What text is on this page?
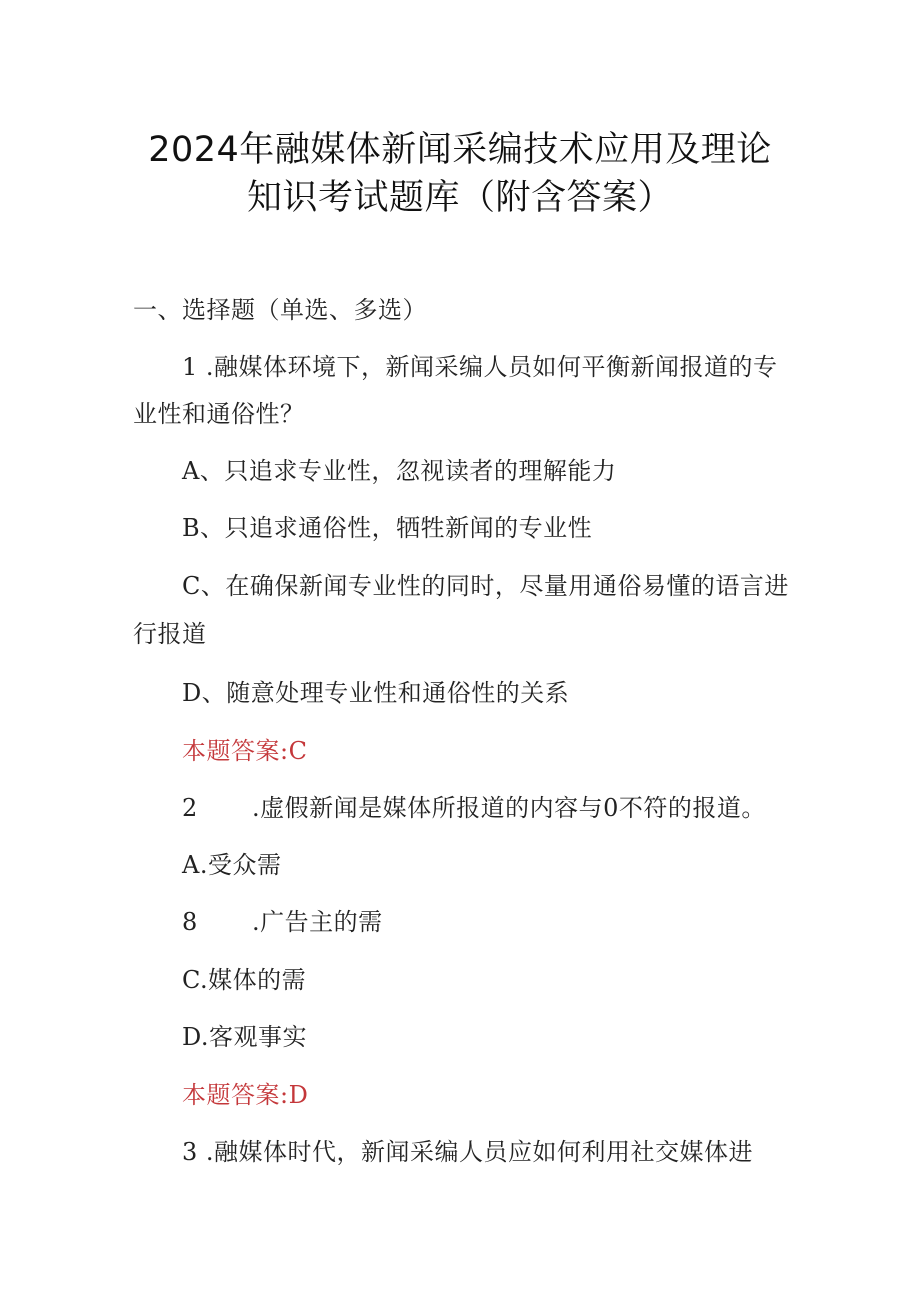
2024年融媒体新闻采编技术应用及理论
知识考试题库（附含答案）
一、选择题（单选、多选）
1 .融媒体环境下，新闻采编人员如何平衡新闻报道的专
业性和通俗性？
A、只追求专业性，忽视读者的理解能力
B、只追求通俗性，牺牲新闻的专业性
C、在确保新闻专业性的同时，尽量用通俗易懂的语言进
行报道
D、随意处理专业性和通俗性的关系
本题答案:C
2 .虚假新闻是媒体所报道的内容与0不符的报道。
A.受众需
8 .广告主的需
C.媒体的需
D.客观事实
本题答案:D
3 .融媒体时代，新闻采编人员应如何利用社交媒体进
